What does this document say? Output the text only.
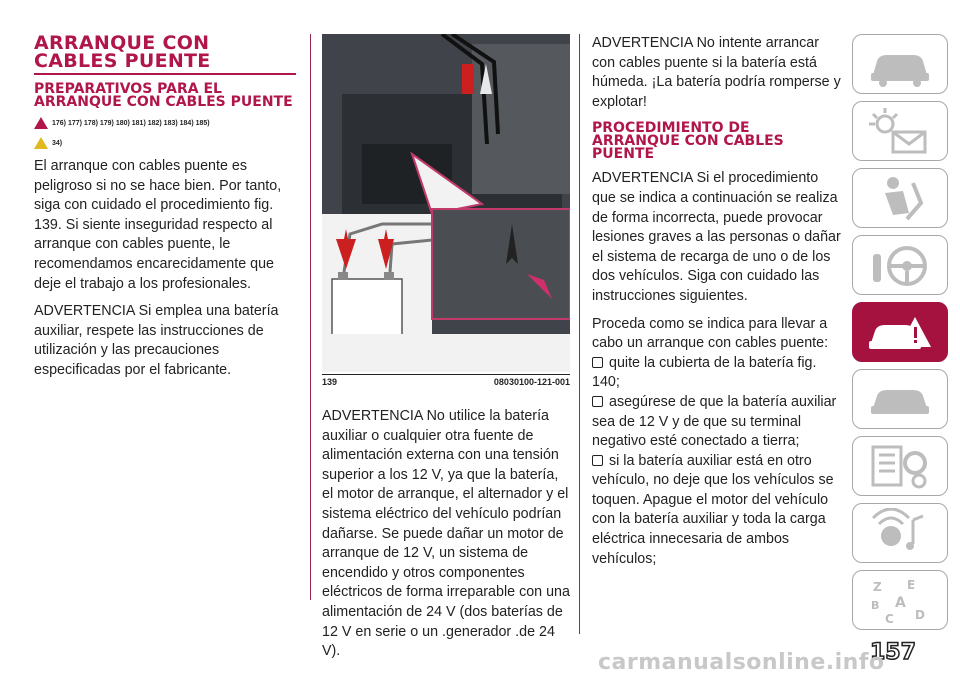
ARRANQUE CON
CABLES PUENTE
PREPARATIVOS PARA EL ARRANQUE CON CABLES PUENTE
176) 177) 178) 179) 180) 181) 182) 183) 184) 185)
34)

El arranque con cables puente es peligroso si no se hace bien. Por tanto, siga con cuidado el procedimiento fig. 139. Si siente inseguridad respecto al arranque con cables puente, le recomendamos encarecidamente que deje el trabajo a los profesionales.

ADVERTENCIA Si emplea una batería auxiliar, respete las instrucciones de utilización y las precauciones especificadas por el fabricante.

139	08030100-121-001

ADVERTENCIA No utilice la batería auxiliar o cualquier otra fuente de alimentación externa con una tensión superior a los 12 V, ya que la batería, el motor de arranque, el alternador y el sistema eléctrico del vehículo podrían dañarse. Se puede dañar un motor de arranque de 12 V, un sistema de encendido y otros componentes eléctricos de forma irreparable con una alimentación de 24 V (dos baterías de 12 V en serie o un .generador .de 24 V).

ADVERTENCIA No intente arrancar con cables puente si la batería está húmeda. ¡La batería podría romperse y explotar!

PROCEDIMIENTO DE ARRANQUE CON CABLES PUENTE

ADVERTENCIA Si el procedimiento que se indica a continuación se realiza de forma incorrecta, puede provocar lesiones graves a las personas o dañar el sistema de recarga de uno o de los dos vehículos. Siga con cuidado las instrucciones siguientes.

Proceda como se indica para llevar a cabo un arranque con cables puente:

quite la cubierta de la batería fig. 140;

asegúrese de que la batería auxiliar sea de 12 V y de que su terminal negativo esté conectado a tierra;

si la batería auxiliar está en otro vehículo, no deje que los vehículos se toquen. Apague el motor del vehículo con la batería auxiliar y toda la carga eléctrica innecesaria de ambos vehículos;

Z E
B A
C D
157
carmanualsonline.info
